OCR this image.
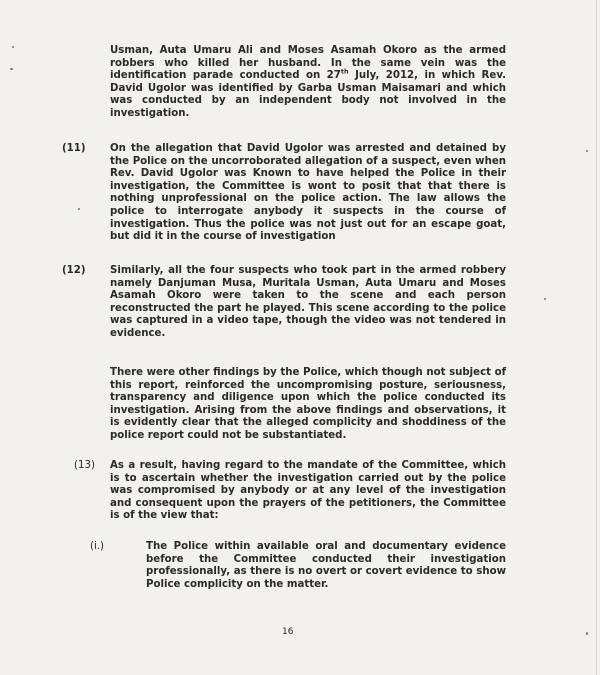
Usman, Auta Umaru Ali and Moses Asamah Okoro as the armed robbers who killed her husband. In the same vein was the identification parade conducted on 27th July, 2012, in which Rev. David Ugolor was identified by Garba Usman Maisamari and which was conducted by an independent body not involved in the investigation.

(11) On the allegation that David Ugolor was arrested and detained by the Police on the uncorroborated allegation of a suspect, even when Rev. David Ugolor was Known to have helped the Police in their investigation, the Committee is wont to posit that that there is nothing unprofessional on the police action. The law allows the police to interrogate anybody it suspects in the course of investigation. Thus the police was not just out for an escape goat, but did it in the course of investigation

(12) Similarly, all the four suspects who took part in the armed robbery namely Danjuman Musa, Muritala Usman, Auta Umaru and Moses Asamah Okoro were taken to the scene and each person reconstructed the part he played. This scene according to the police was captured in a video tape, though the video was not tendered in evidence.

There were other findings by the Police, which though not subject of this report, reinforced the uncompromising posture, seriousness, transparency and diligence upon which the police conducted its investigation. Arising from the above findings and observations, it is evidently clear that the alleged complicity and shoddiness of the police report could not be substantiated.

(13) As a result, having regard to the mandate of the Committee, which is to ascertain whether the investigation carried out by the police was compromised by anybody or at any level of the investigation and consequent upon the prayers of the petitioners, the Committee is of the view that:

(i.)	The Police within available oral and documentary evidence before the Committee conducted their investigation professionally, as there is no overt or covert evidence to show Police complicity on the matter.

16
